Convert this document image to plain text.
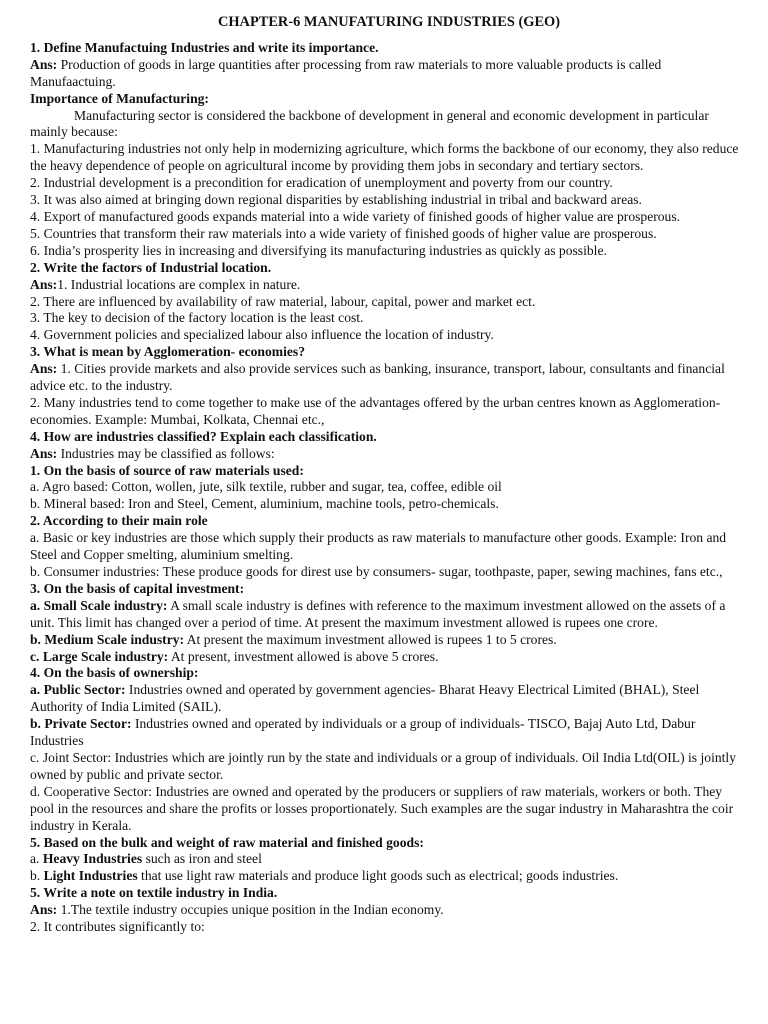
CHAPTER-6 MANUFATURING INDUSTRIES (GEO)

1. Define Manufactuing Industries and write its importance.

Ans: Production of goods in large quantities after processing from raw materials to more valuable products is called Manufaactuing.

Importance of Manufacturing:

Manufacturing sector is considered the backbone of development in general and economic development in particular mainly because:

1. Manufacturing industries not only help in modernizing agriculture, which forms the backbone of our economy, they also reduce the heavy dependence of people on agricultural income by providing them jobs in secondary and tertiary sectors.

2. Industrial development is a precondition for eradication of unemployment and poverty from our country.

3. It was also aimed at bringing down regional disparities by establishing industrial in tribal and backward areas.

4. Export of manufactured goods expands material into a wide variety of finished goods of higher value are prosperous.

5. Countries that transform their raw materials into a wide variety of finished goods of higher value are prosperous.

6. India’s prosperity lies in increasing and diversifying its manufacturing industries as quickly as possible.

2. Write the factors of Industrial location.

Ans:1. Industrial locations are complex in nature.

2. There are influenced by availability of raw material, labour, capital, power and market ect.

3. The key to decision of the factory location is the least cost.

4. Government policies and specialized labour also influence the location of industry.

3. What is mean by Agglomeration- economies?

Ans: 1. Cities provide markets and also provide services such as banking, insurance, transport, labour, consultants and financial advice etc. to the industry.

2. Many industries tend to come together to make use of the advantages offered by the urban centres known as Agglomeration- economies. Example: Mumbai, Kolkata, Chennai etc.,

4. How are industries classified? Explain each classification.

Ans: Industries may be classified as follows:

1. On the basis of source of raw materials used:

a. Agro based: Cotton, wollen, jute, silk textile, rubber and sugar, tea, coffee, edible oil

b. Mineral based: Iron and Steel, Cement, aluminium, machine tools, petro-chemicals.

2. According to their main role

a. Basic or key industries are those which supply their products as raw materials to manufacture other goods. Example: Iron and Steel and Copper smelting, aluminium smelting.

b. Consumer industries: These produce goods for direst use by consumers- sugar, toothpaste, paper, sewing machines, fans etc.,

3. On the basis of capital investment:

a. Small Scale industry: A small scale industry is defines with reference to the maximum investment allowed on the assets of a unit. This limit has changed over a period of time. At present the maximum investment allowed is rupees one crore.

b. Medium Scale industry: At present the maximum investment allowed is rupees 1 to 5 crores.

c. Large Scale industry: At present, investment allowed is above 5 crores.

4. On the basis of ownership:

a. Public Sector: Industries owned and operated by government agencies- Bharat Heavy Electrical Limited (BHAL), Steel Authority of India Limited (SAIL).

b. Private Sector: Industries owned and operated by individuals or a group of individuals- TISCO, Bajaj Auto Ltd, Dabur Industries

c. Joint Sector: Industries which are jointly run by the state and individuals or a group of individuals. Oil India Ltd(OIL) is jointly owned by public and private sector.

d. Cooperative Sector: Industries are owned and operated by the producers or suppliers of raw materials, workers or both. They pool in the resources and share the profits or losses proportionately. Such examples are the sugar industry in Maharashtra the coir industry in Kerala.

5. Based on the bulk and weight of raw material and finished goods:

a. Heavy Industries such as iron and steel

b. Light Industries that use light raw materials and produce light goods such as electrical; goods industries.

5. Write a note on textile industry in India.

Ans: 1.The textile industry occupies unique position in the Indian economy.

2. It contributes significantly to:
